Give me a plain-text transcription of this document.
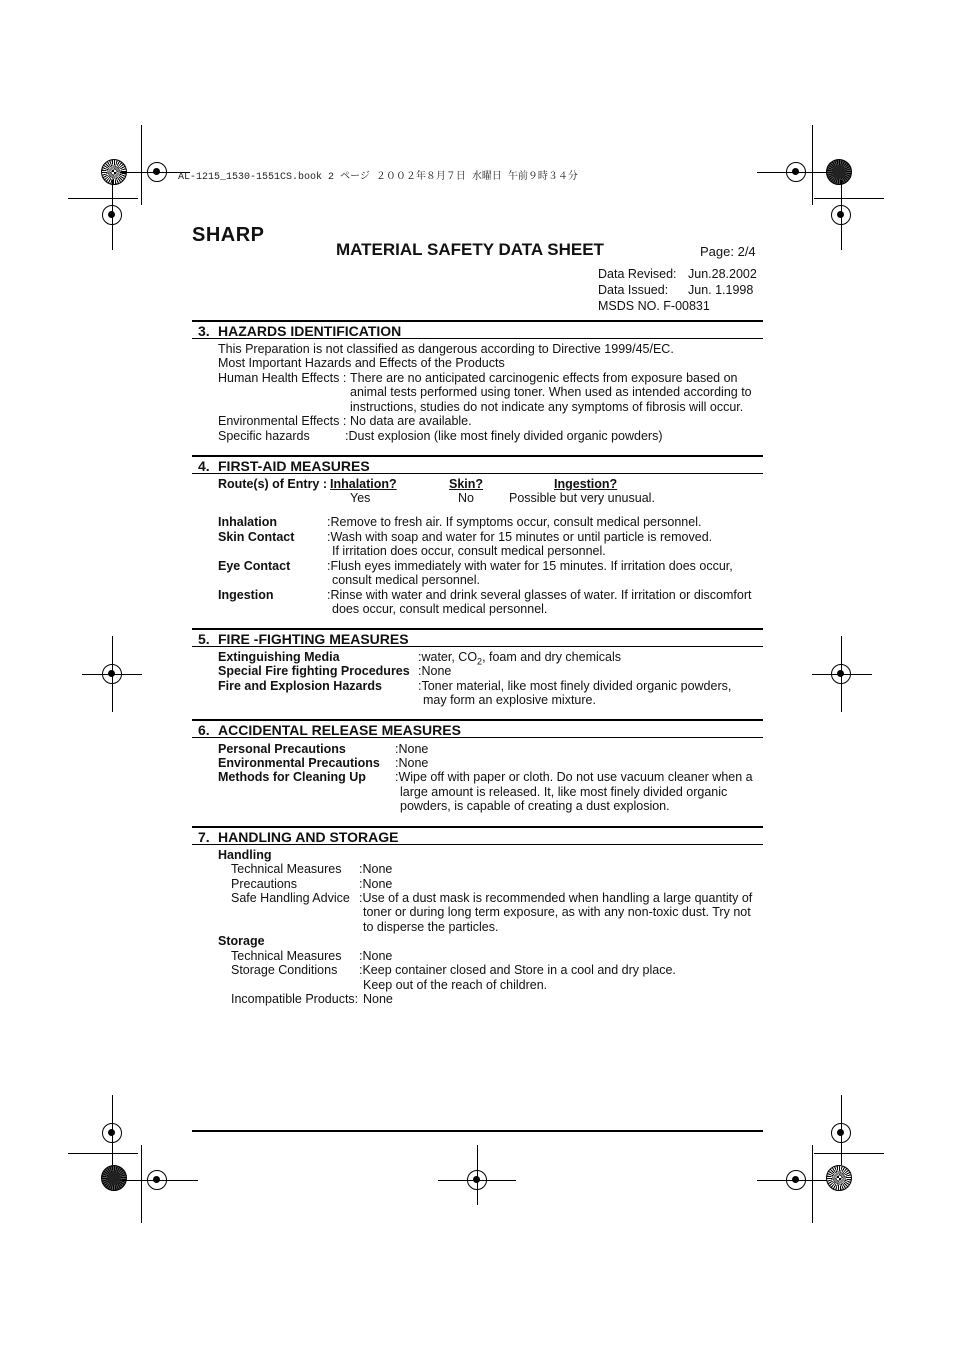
AL-1215_1530-1551CS.book 2 ページ ２００２年８月７日 水曜日 午前９時３４分
SHARP
MATERIAL SAFETY DATA SHEET	Page: 2/4
Data Revised: Jun.28.2002
Data Issued:	Jun. 1.1998
MSDS NO. F-00831
3. HAZARDS IDENTIFICATION
This Preparation is not classified as dangerous according to Directive 1999/45/EC.
Most Important Hazards and Effects of the Products
Human Health Effects : There are no anticipated carcinogenic effects from exposure based on
animal tests performed using toner. When used as intended according to
instructions, studies do not indicate any symptoms of fibrosis will occur.
Environmental Effects : No data are available.
Specific hazards	:Dust explosion (like most finely divided organic powders)
4. FIRST-AID MEASURES
Route(s) of Entry : Inhalation?	Skin?	Ingestion?
Yes	No	Possible but very unusual.
Inhalation	:Remove to fresh air. If symptoms occur, consult medical personnel.
Skin Contact	:Wash with soap and water for 15 minutes or until particle is removed.
If irritation does occur, consult medical personnel.
Eye Contact	:Flush eyes immediately with water for 15 minutes. If irritation does occur,
consult medical personnel.
Ingestion	:Rinse with water and drink several glasses of water. If irritation or discomfort
does occur, consult medical personnel.
5. FIRE -FIGHTING MEASURES
Extinguishing Media	:water, $CO_2$, foam and dry chemicals
Special Fire fighting Procedures :None
Fire and Explosion Hazards	:Toner material, like most finely divided organic powders,
may form an explosive mixture.
6. ACCIDENTAL RELEASE MEASURES
Personal Precautions	:None
Environmental Precautions :None
Methods for Cleaning Up :Wipe off with paper or cloth. Do not use vacuum cleaner when a
large amount is released. It, like most finely divided organic
powders, is capable of creating a dust explosion.
7. HANDLING AND STORAGE
Handling
Technical Measures :None
Precautions	:None
Safe Handling Advice :Use of a dust mask is recommended when handling a large quantity of
toner or during long term exposure, as with any non-toxic dust. Try not
to disperse the particles.
Storage
Technical Measures :None
Storage Conditions :Keep container closed and Store in a cool and dry place.
Keep out of the reach of children.
Incompatible Products: None
